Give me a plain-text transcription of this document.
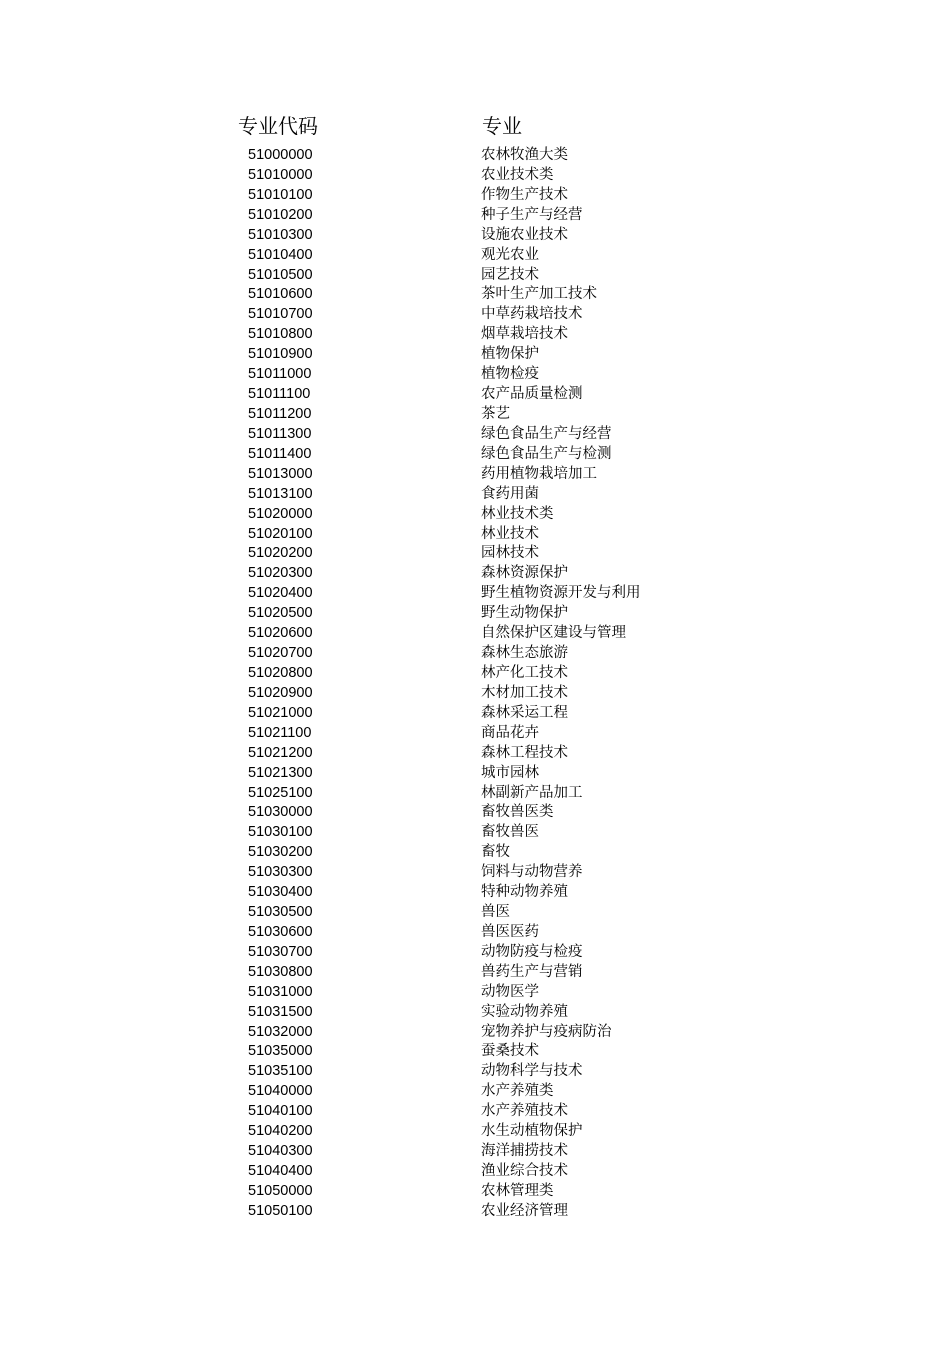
专业代码	专业
51000000	农林牧渔大类
51010000	农业技术类
51010100	作物生产技术
51010200	种子生产与经营
51010300	设施农业技术
51010400	观光农业
51010500	园艺技术
51010600	茶叶生产加工技术
51010700	中草药栽培技术
51010800	烟草栽培技术
51010900	植物保护
51011000	植物检疫
51011100	农产品质量检测
51011200	茶艺
51011300	绿色食品生产与经营
51011400	绿色食品生产与检测
51013000	药用植物栽培加工
51013100	食药用菌
51020000	林业技术类
51020100	林业技术
51020200	园林技术
51020300	森林资源保护
51020400	野生植物资源开发与利用
51020500	野生动物保护
51020600	自然保护区建设与管理
51020700	森林生态旅游
51020800	林产化工技术
51020900	木材加工技术
51021000	森林采运工程
51021100	商品花卉
51021200	森林工程技术
51021300	城市园林
51025100	林副新产品加工
51030000	畜牧兽医类
51030100	畜牧兽医
51030200	畜牧
51030300	饲料与动物营养
51030400	特种动物养殖
51030500	兽医
51030600	兽医医药
51030700	动物防疫与检疫
51030800	兽药生产与营销
51031000	动物医学
51031500	实验动物养殖
51032000	宠物养护与疫病防治
51035000	蚕桑技术
51035100	动物科学与技术
51040000	水产养殖类
51040100	水产养殖技术
51040200	水生动植物保护
51040300	海洋捕捞技术
51040400	渔业综合技术
51050000	农林管理类
51050100	农业经济管理
